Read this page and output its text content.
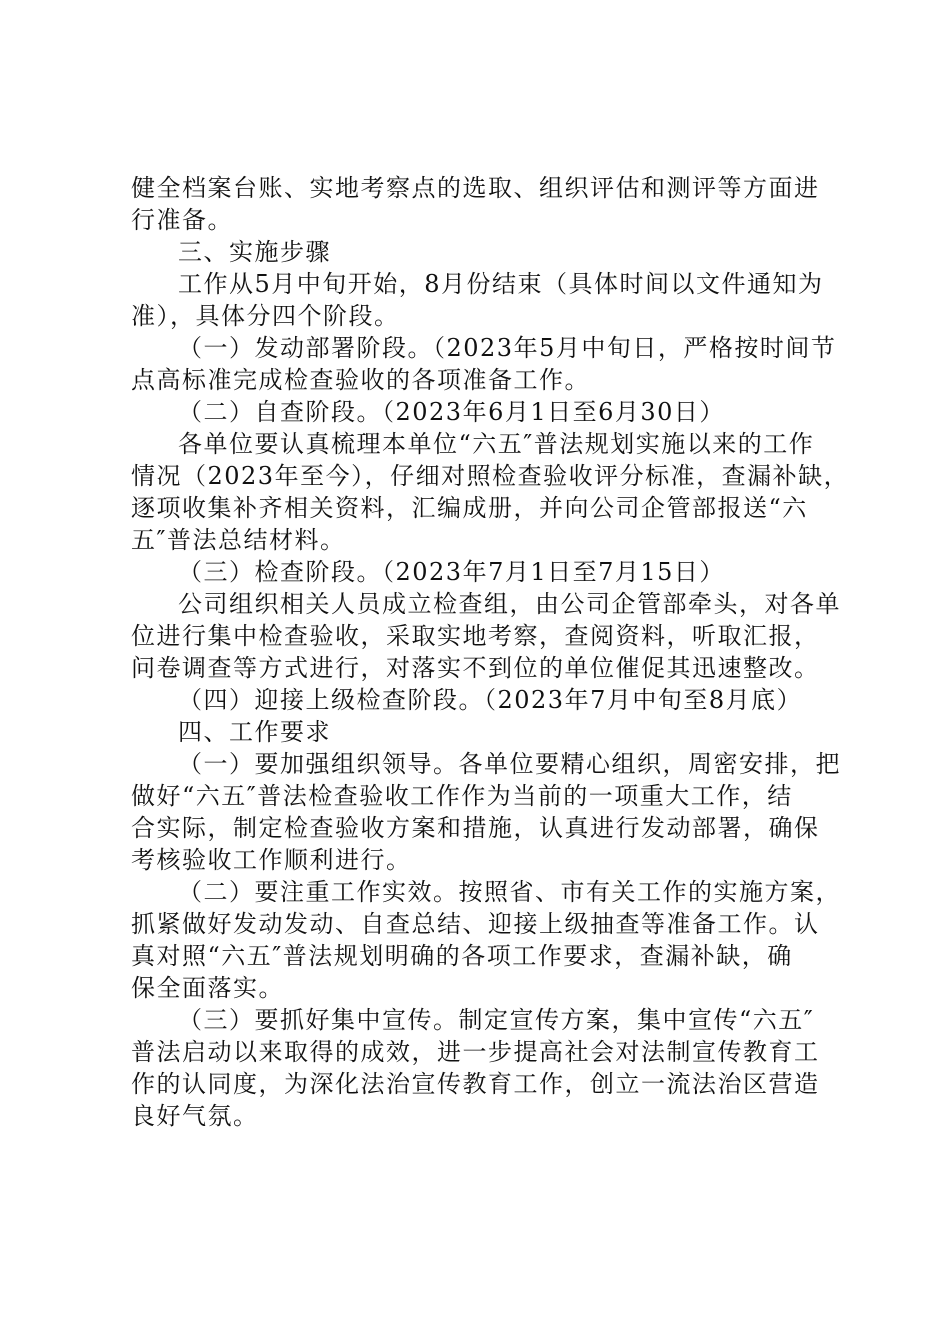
健全档案台账、实地考察点的选取、组织评估和测评等方面进
行准备。
三、实施步骤
工作从5月中旬开始，8月份结束（具体时间以文件通知为
准），具体分四个阶段。
（一）发动部署阶段。（2023年5月中旬日，严格按时间节
点高标准完成检查验收的各项准备工作。
（二）自查阶段。（2023年6月1日至6月30日）
各单位要认真梳理本单位“六五″普法规划实施以来的工作
情况（2023年至今），仔细对照检查验收评分标准，查漏补缺，
逐项收集补齐相关资料，汇编成册，并向公司企管部报送“六
五″普法总结材料。
（三）检查阶段。（2023年7月1日至7月15日）
公司组织相关人员成立检查组，由公司企管部牵头，对各单
位进行集中检查验收，采取实地考察，查阅资料，听取汇报，
问卷调查等方式进行，对落实不到位的单位催促其迅速整改。
（四）迎接上级检查阶段。（2023年7月中旬至8月底）
四、工作要求
（一）要加强组织领导。各单位要精心组织，周密安排，把
做好“六五″普法检查验收工作作为当前的一项重大工作，结
合实际，制定检查验收方案和措施，认真进行发动部署，确保
考核验收工作顺利进行。
（二）要注重工作实效。按照省、市有关工作的实施方案，
抓紧做好发动发动、自查总结、迎接上级抽查等准备工作。认
真对照“六五″普法规划明确的各项工作要求，查漏补缺，确
保全面落实。
（三）要抓好集中宣传。制定宣传方案，集中宣传“六五″
普法启动以来取得的成效，进一步提高社会对法制宣传教育工
作的认同度，为深化法治宣传教育工作，创立一流法治区营造
良好气氛。
